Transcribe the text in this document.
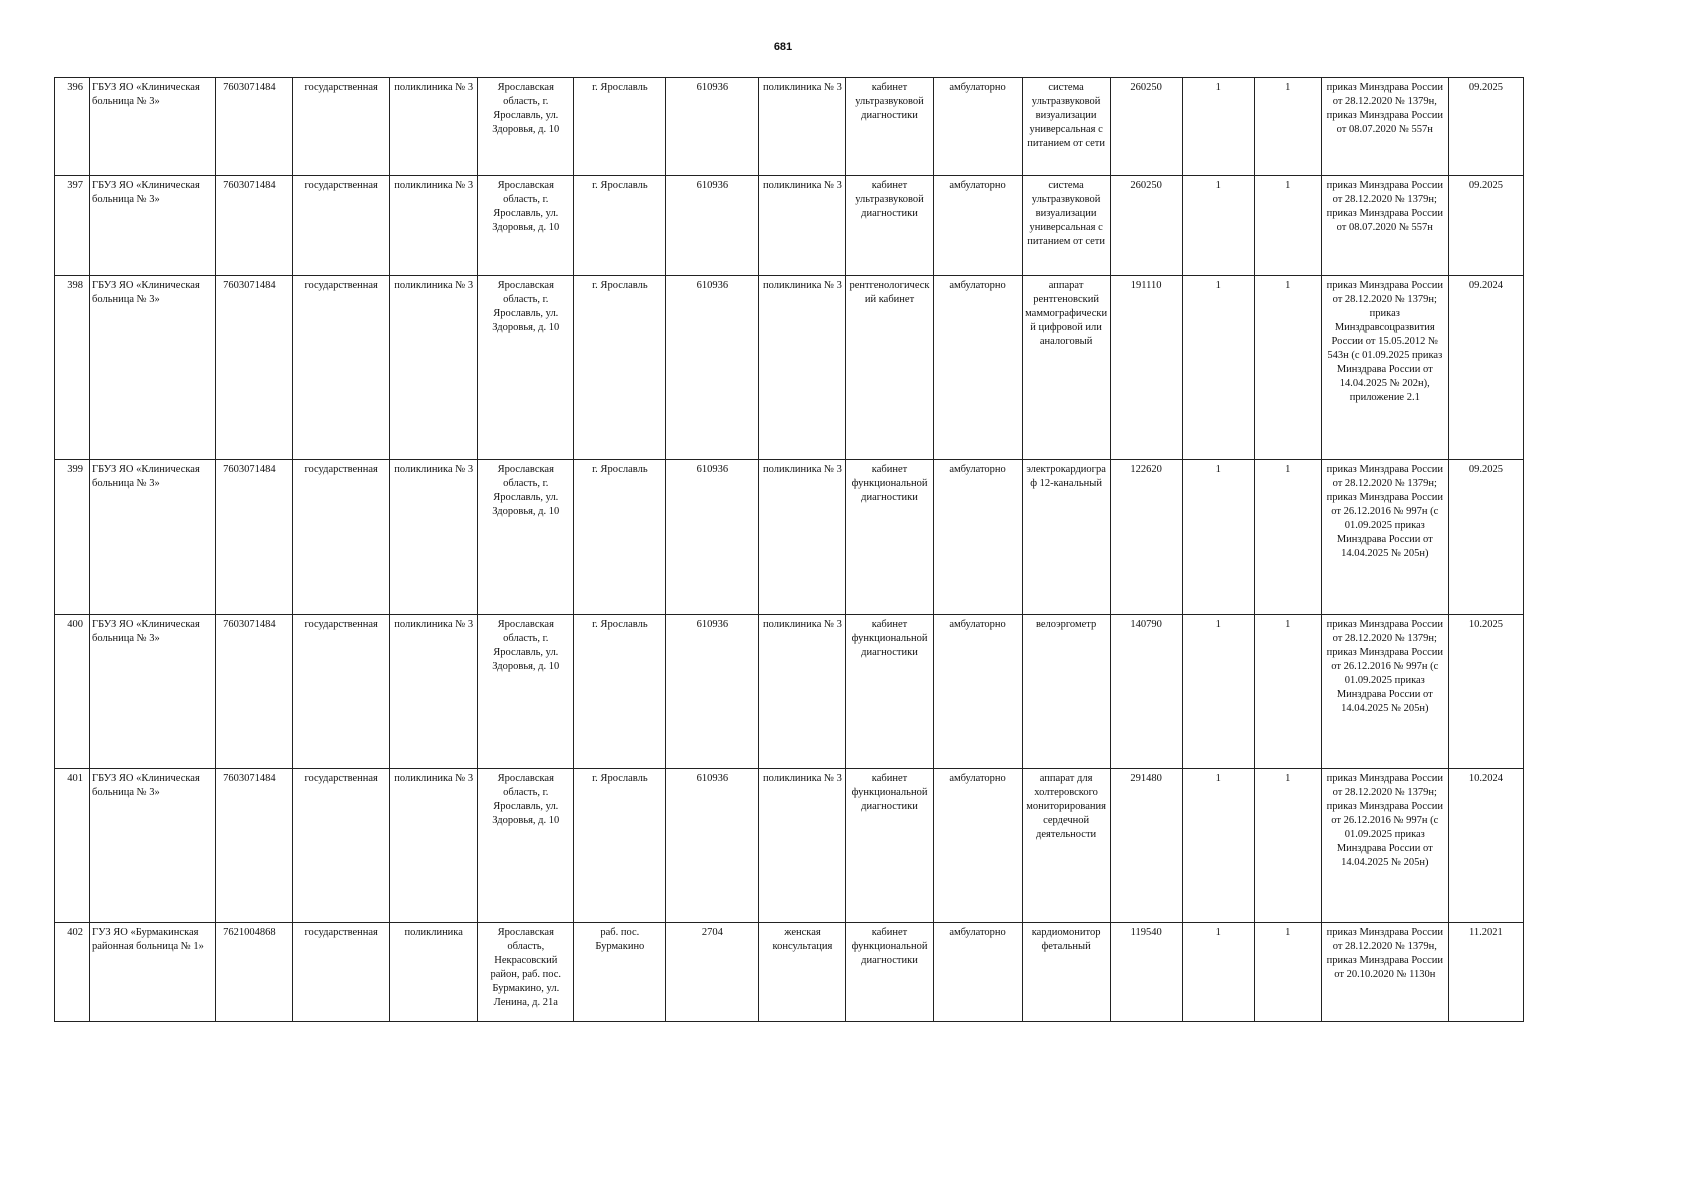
681
396	ГБУЗ ЯО «Клиническая больница № 3»	7603071484	государственная	поликлиника № 3	Ярославская область, г. Ярославль, ул. Здоровья, д. 10	г. Ярославль	610936	поликлиника № 3	кабинет ультразвуковой диагностики	амбулаторно	система ультразвуковой визуализации универсальная с питанием от сети	260250	1	1	приказ Минздрава России от 28.12.2020 № 1379н, приказ Минздрава России от 08.07.2020 № 557н	09.2025
397	ГБУЗ ЯО «Клиническая больница № 3»	7603071484	государственная	поликлиника № 3	Ярославская область, г. Ярославль, ул. Здоровья, д. 10	г. Ярославль	610936	поликлиника № 3	кабинет ультразвуковой диагностики	амбулаторно	система ультразвуковой визуализации универсальная с питанием от сети	260250	1	1	приказ Минздрава России от 28.12.2020 № 1379н; приказ Минздрава России от 08.07.2020 № 557н	09.2025
398	ГБУЗ ЯО «Клиническая больница № 3»	7603071484	государственная	поликлиника № 3	Ярославская область, г. Ярославль, ул. Здоровья, д. 10	г. Ярославль	610936	поликлиника № 3	рентгенологический кабинет	амбулаторно	аппарат рентгеновский маммографический цифровой или аналоговый	191110	1	1	приказ Минздрава России от 28.12.2020 № 1379н; приказ Минздравсоцразвития России от 15.05.2012 № 543н (с 01.09.2025 приказ Минздрава России от 14.04.2025 № 202н), приложение 2.1	09.2024
399	ГБУЗ ЯО «Клиническая больница № 3»	7603071484	государственная	поликлиника № 3	Ярославская область, г. Ярославль, ул. Здоровья, д. 10	г. Ярославль	610936	поликлиника № 3	кабинет функциональной диагностики	амбулаторно	электрокардиограф 12-канальный	122620	1	1	приказ Минздрава России от 28.12.2020 № 1379н; приказ Минздрава России от 26.12.2016 № 997н (с 01.09.2025 приказ Минздрава России от 14.04.2025 № 205н)	09.2025
400	ГБУЗ ЯО «Клиническая больница № 3»	7603071484	государственная	поликлиника № 3	Ярославская область, г. Ярославль, ул. Здоровья, д. 10	г. Ярославль	610936	поликлиника № 3	кабинет функциональной диагностики	амбулаторно	велоэргометр	140790	1	1	приказ Минздрава России от 28.12.2020 № 1379н; приказ Минздрава России от 26.12.2016 № 997н (с 01.09.2025 приказ Минздрава России от 14.04.2025 № 205н)	10.2025
401	ГБУЗ ЯО «Клиническая больница № 3»	7603071484	государственная	поликлиника № 3	Ярославская область, г. Ярославль, ул. Здоровья, д. 10	г. Ярославль	610936	поликлиника № 3	кабинет функциональной диагностики	амбулаторно	аппарат для холтеровского мониторирования сердечной деятельности	291480	1	1	приказ Минздрава России от 28.12.2020 № 1379н; приказ Минздрава России от 26.12.2016 № 997н (с 01.09.2025 приказ Минздрава России от 14.04.2025 № 205н)	10.2024
402	ГУЗ ЯО «Бурмакинская районная больница № 1»	7621004868	государственная	поликлиника	Ярославская область, Некрасовский район, раб. пос. Бурмакино, ул. Ленина, д. 21а	раб. пос. Бурмакино	2704	женская консультация	кабинет функциональной диагностики	амбулаторно	кардиомонитор фетальный	119540	1	1	приказ Минздрава России от 28.12.2020 № 1379н, приказ Минздрава России от 20.10.2020 № 1130н	11.2021
